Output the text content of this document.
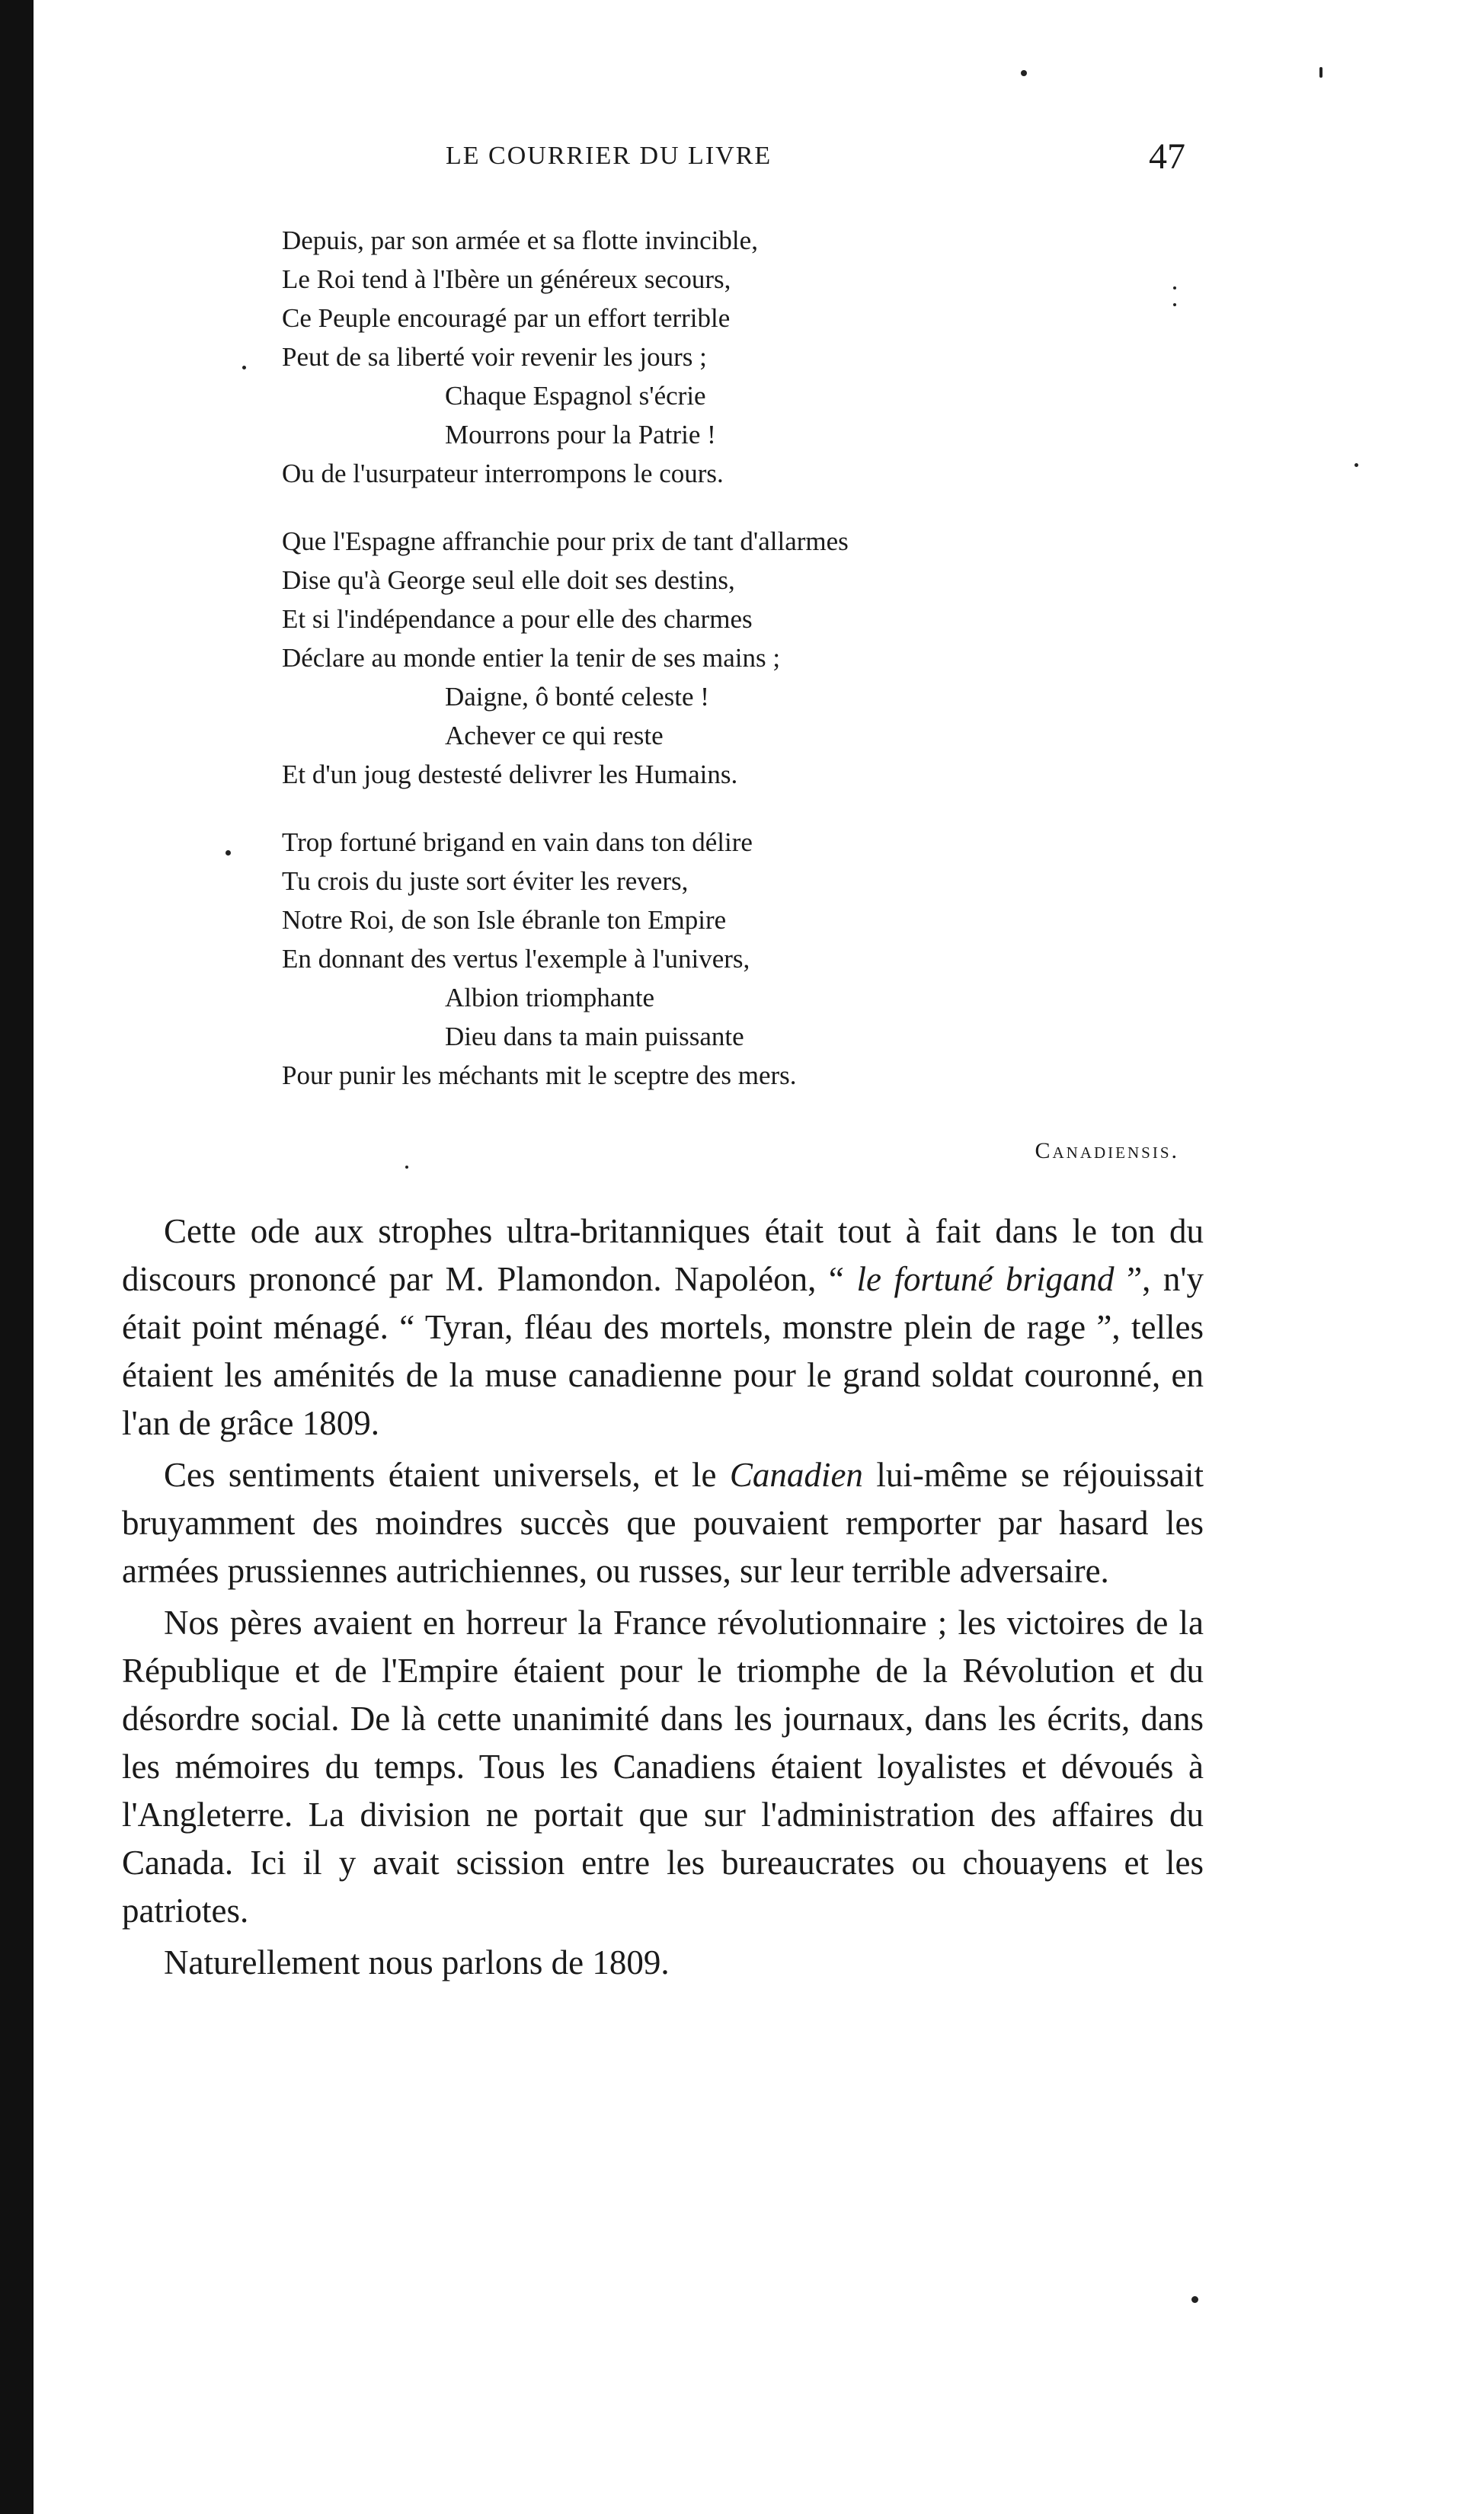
LE COURRIER DU LIVRE	47
Depuis, par son armée et sa flotte invincible,
Le Roi tend à l'Ibère un généreux secours,
Ce Peuple encouragé par un effort terrible
Peut de sa liberté voir revenir les jours ;
Chaque Espagnol s'écrie
Mourrons pour la Patrie !
Ou de l'usurpateur interrompons le cours.
Que l'Espagne affranchie pour prix de tant d'allarmes
Dise qu'à George seul elle doit ses destins,
Et si l'indépendance a pour elle des charmes
Déclare au monde entier la tenir de ses mains ;
Daigne, ô bonté celeste !
Achever ce qui reste
Et d'un joug destesté delivrer les Humains.
Trop fortuné brigand en vain dans ton délire
Tu crois du juste sort éviter les revers,
Notre Roi, de son Isle ébranle ton Empire
En donnant des vertus l'exemple à l'univers,
Albion triomphante
Dieu dans ta main puissante
Pour punir les méchants mit le sceptre des mers.
Canadiensis.

Cette ode aux strophes ultra-britanniques était tout à fait dans le ton du discours prononcé par M. Plamondon. Napoléon, “ le fortuné brigand ”, n'y était point ménagé. “ Tyran, fléau des mortels, monstre plein de rage ”, telles étaient les aménités de la muse canadienne pour le grand soldat couronné, en l'an de grâce 1809.

Ces sentiments étaient universels, et le Canadien lui-même se réjouissait bruyamment des moindres succès que pouvaient remporter par hasard les armées prussiennes autrichiennes, ou russes, sur leur terrible adversaire.

Nos pères avaient en horreur la France révolutionnaire ; les victoires de la République et de l'Empire étaient pour le triomphe de la Révolution et du désordre social. De là cette unanimité dans les journaux, dans les écrits, dans les mémoires du temps. Tous les Canadiens étaient loyalistes et dévoués à l'Angleterre. La division ne portait que sur l'administration des affaires du Canada. Ici il y avait scission entre les bureaucrates ou chouayens et les patriotes.

Naturellement nous parlons de 1809.
